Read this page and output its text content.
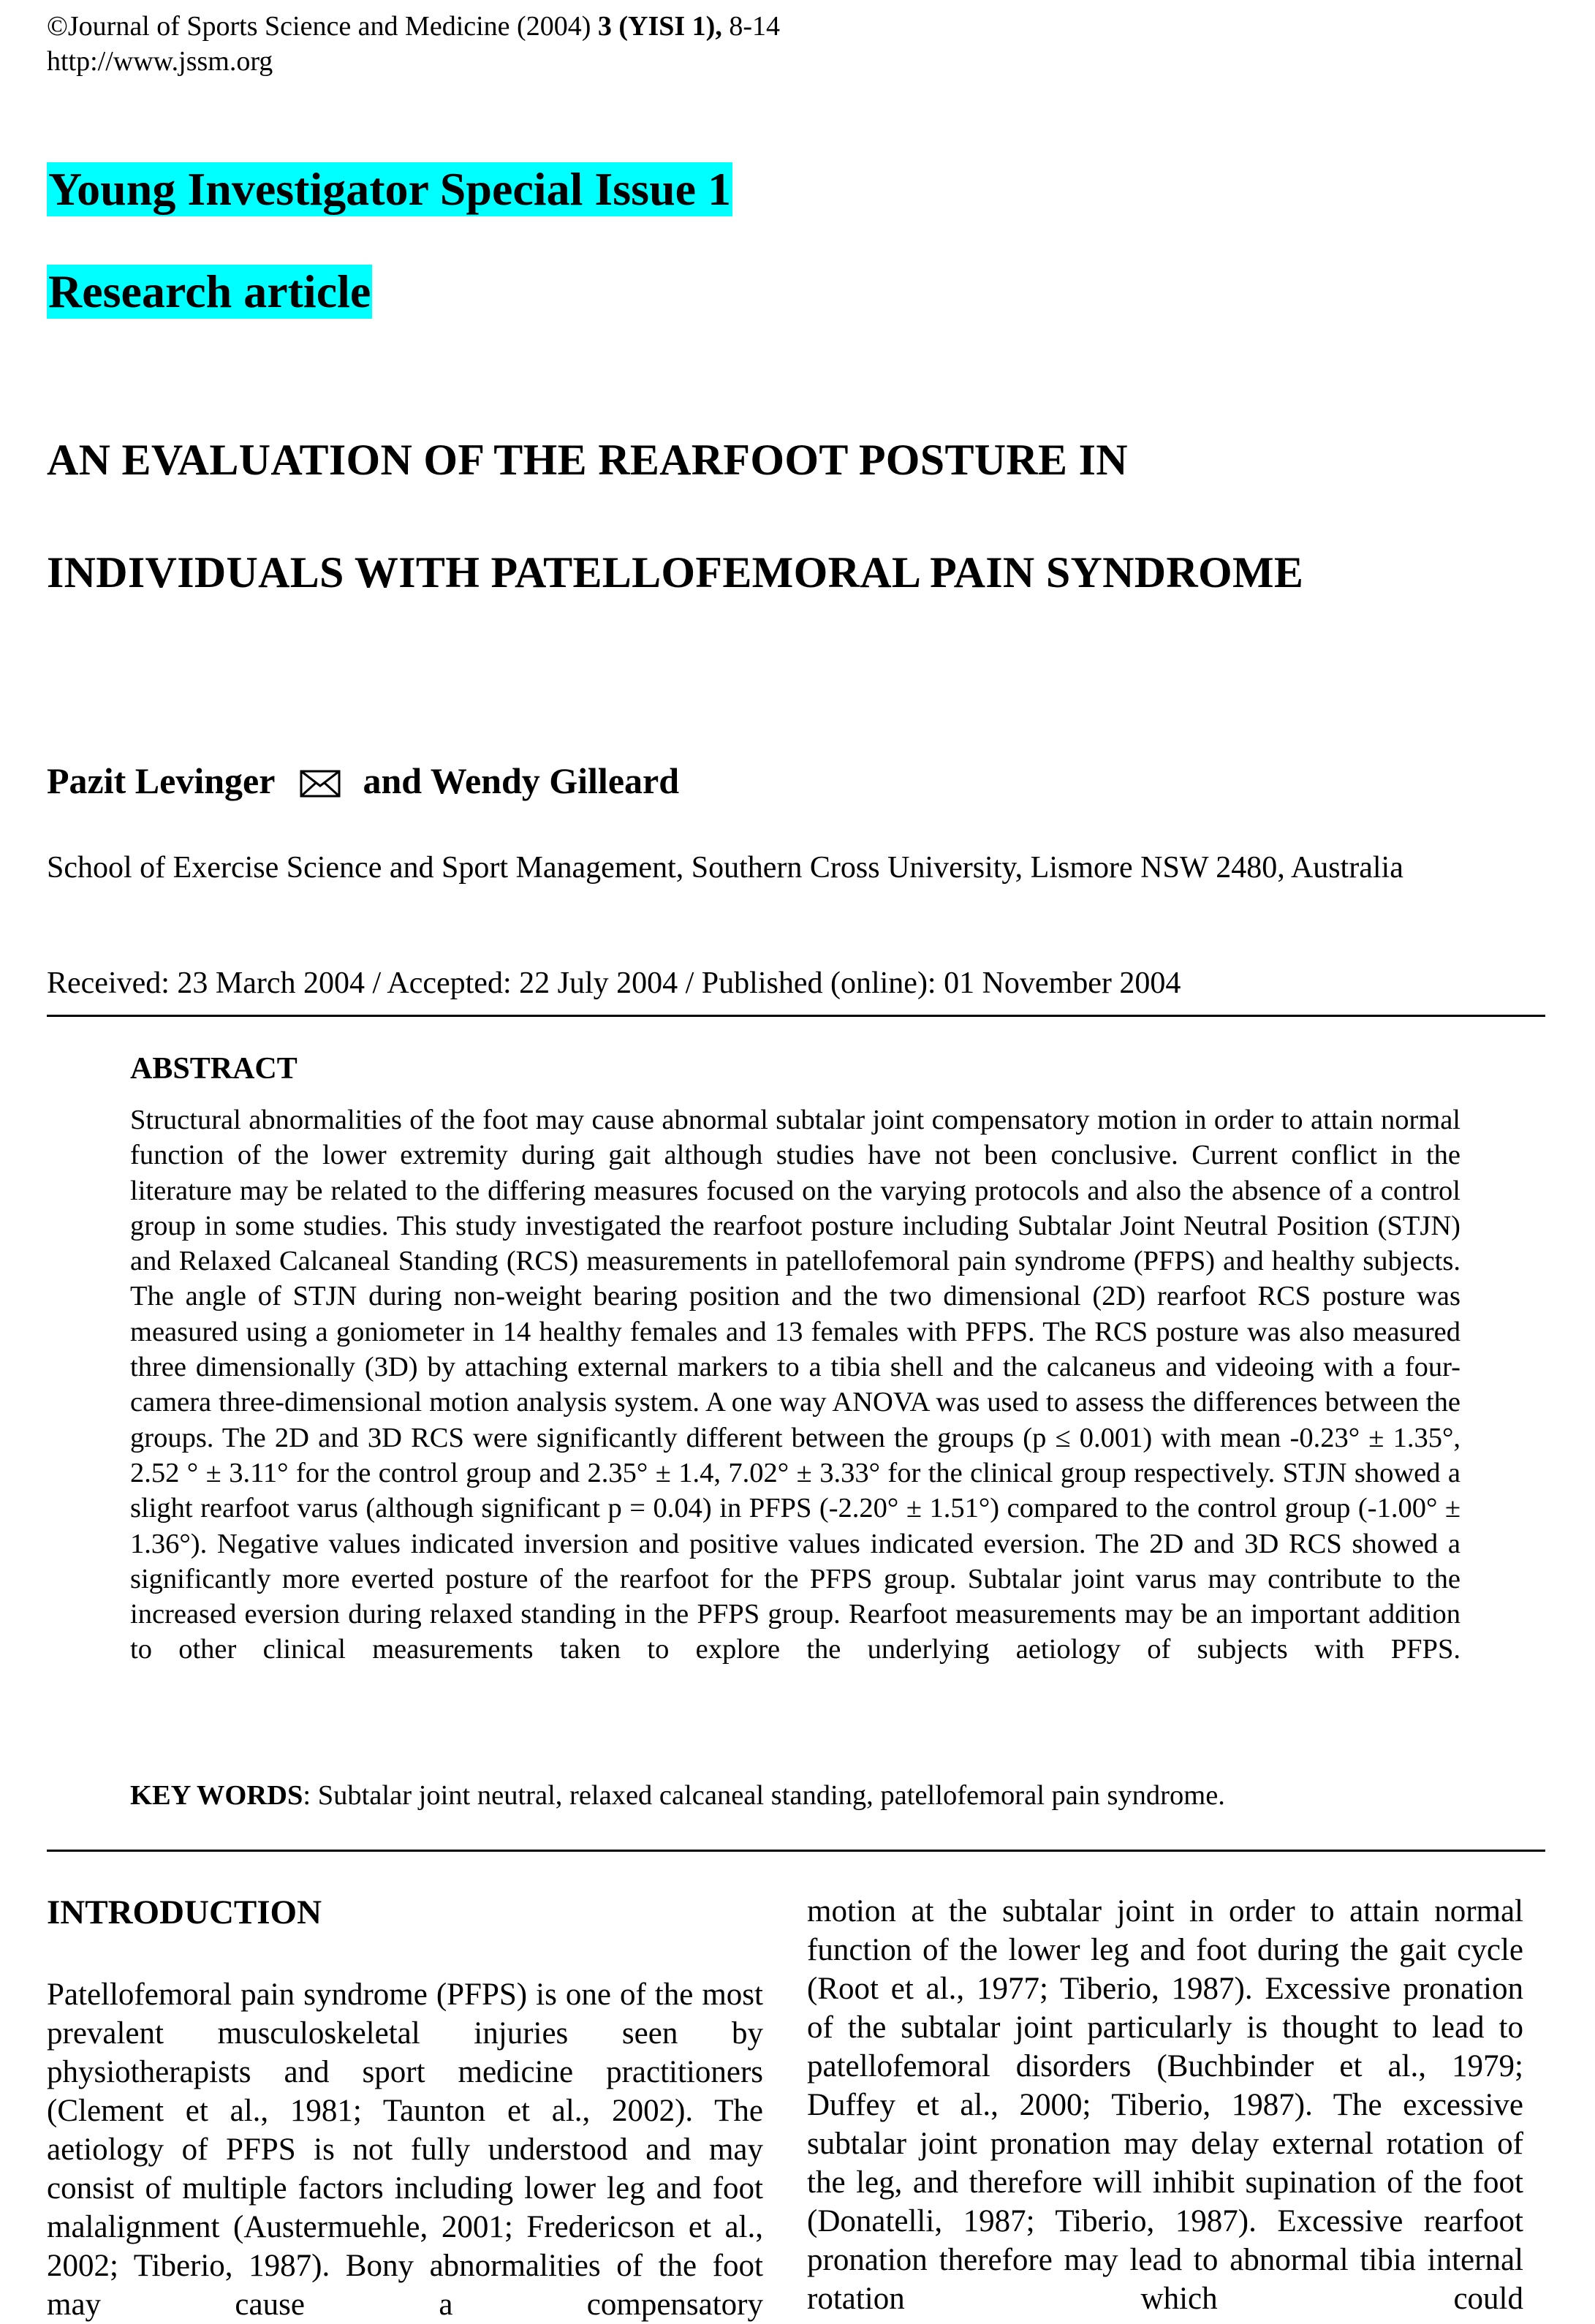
©Journal of Sports Science and Medicine (2004) 3 (YISI 1), 8-14
http://www.jssm.org
Young Investigator Special Issue 1
Research article
AN EVALUATION OF THE REARFOOT POSTURE IN
INDIVIDUALS WITH PATELLOFEMORAL PAIN SYNDROME
Pazit Levinger and Wendy Gilleard
School of Exercise Science and Sport Management, Southern Cross University, Lismore NSW 2480, Australia
Received: 23 March 2004 / Accepted: 22 July 2004 / Published (online): 01 November 2004
ABSTRACT

Structural abnormalities of the foot may cause abnormal subtalar joint compensatory motion in order to attain normal function of the lower extremity during gait although studies have not been conclusive. Current conflict in the literature may be related to the differing measures focused on the varying protocols and also the absence of a control group in some studies. This study investigated the rearfoot posture including Subtalar Joint Neutral Position (STJN) and Relaxed Calcaneal Standing (RCS) measurements in patellofemoral pain syndrome (PFPS) and healthy subjects. The angle of STJN during non-weight bearing position and the two dimensional (2D) rearfoot RCS posture was measured using a goniometer in 14 healthy females and 13 females with PFPS. The RCS posture was also measured three dimensionally (3D) by attaching external markers to a tibia shell and the calcaneus and videoing with a four-camera three-dimensional motion analysis system. A one way ANOVA was used to assess the differences between the groups. The 2D and 3D RCS were significantly different between the groups (p ≤ 0.001) with mean -0.23° ± 1.35°, 2.52 ° ± 3.11° for the control group and 2.35° ± 1.4, 7.02° ± 3.33° for the clinical group respectively. STJN showed a slight rearfoot varus (although significant p = 0.04) in PFPS (-2.20° ± 1.51°) compared to the control group (-1.00° ± 1.36°). Negative values indicated inversion and positive values indicated eversion. The 2D and 3D RCS showed a significantly more everted posture of the rearfoot for the PFPS group. Subtalar joint varus may contribute to the increased eversion during relaxed standing in the PFPS group. Rearfoot measurements may be an important addition to other clinical measurements taken to explore the underlying aetiology of subjects with PFPS.

KEY WORDS: Subtalar joint neutral, relaxed calcaneal standing, patellofemoral pain syndrome.
INTRODUCTION
Patellofemoral pain syndrome (PFPS) is one of the most prevalent musculoskeletal injuries seen by physiotherapists and sport medicine practitioners (Clement et al., 1981; Taunton et al., 2002). The aetiology of PFPS is not fully understood and may consist of multiple factors including lower leg and foot malalignment (Austermuehle, 2001; Fredericson et al., 2002; Tiberio, 1987). Bony abnormalities of the foot may cause a compensatory
motion at the subtalar joint in order to attain normal function of the lower leg and foot during the gait cycle (Root et al., 1977; Tiberio, 1987). Excessive pronation of the subtalar joint particularly is thought to lead to patellofemoral disorders (Buchbinder et al., 1979; Duffey et al., 2000; Tiberio, 1987). The excessive subtalar joint pronation may delay external rotation of the leg, and therefore will inhibit supination of the foot (Donatelli, 1987; Tiberio, 1987). Excessive rearfoot pronation therefore may lead to abnormal tibia internal rotation which could
